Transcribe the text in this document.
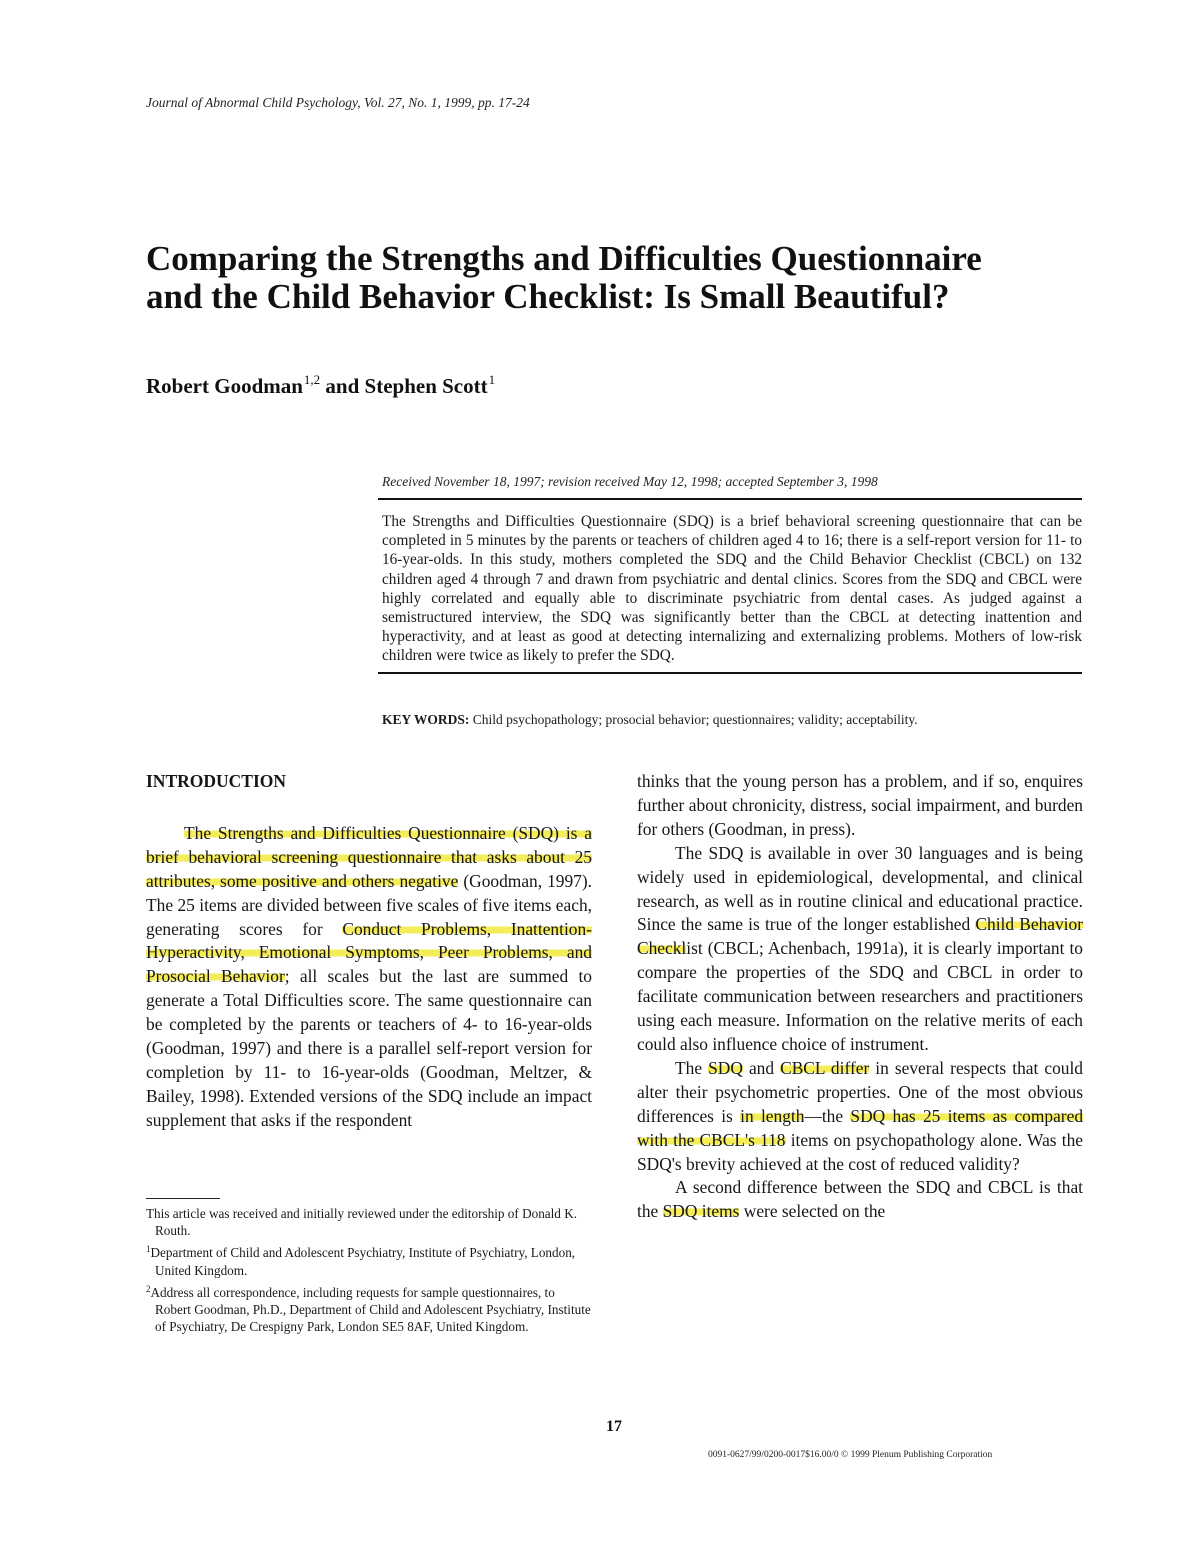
Journal of Abnormal Child Psychology, Vol. 27, No. 1, 1999, pp. 17-24
Comparing the Strengths and Difficulties Questionnaire
and the Child Behavior Checklist: Is Small Beautiful?
Robert Goodman$^{1,2}$ and Stephen Scott$^1$
Received November 18, 1997; revision received May 12, 1998; accepted September 3, 1998

The Strengths and Difficulties Questionnaire (SDQ) is a brief behavioral screening questionnaire that can be completed in 5 minutes by the parents or teachers of children aged 4 to 16; there is a self-report version for 11- to 16-year-olds. In this study, mothers completed the SDQ and the Child Behavior Checklist (CBCL) on 132 children aged 4 through 7 and drawn from psychiatric and dental clinics. Scores from the SDQ and CBCL were highly correlated and equally able to discriminate psychiatric from dental cases. As judged against a semistructured interview, the SDQ was significantly better than the CBCL at detecting inattention and hyperactivity, and at least as good at detecting internalizing and externalizing problems. Mothers of low-risk children were twice as likely to prefer the SDQ.

KEY WORDS: Child psychopathology; prosocial behavior; questionnaires; validity; acceptability.

INTRODUCTION

The Strengths and Difficulties Questionnaire (SDQ) is a brief behavioral screening questionnaire that asks about 25 attributes, some positive and others negative (Goodman, 1997). The 25 items are divided between five scales of five items each, generating scores for Conduct Problems, Inattention-Hyperactivity, Emotional Symptoms, Peer Problems, and Prosocial Behavior; all scales but the last are summed to generate a Total Difficulties score. The same questionnaire can be completed by the parents or teachers of 4- to 16-year-olds (Goodman, 1997) and there is a parallel self-report version for completion by 11- to 16-year-olds (Goodman, Meltzer, & Bailey, 1998). Extended versions of the SDQ include an impact supplement that asks if the respondent

thinks that the young person has a problem, and if so, enquires further about chronicity, distress, social impairment, and burden for others (Goodman, in press).

The SDQ is available in over 30 languages and is being widely used in epidemiological, developmental, and clinical research, as well as in routine clinical and educational practice. Since the same is true of the longer established Child Behavior Checklist (CBCL; Achenbach, 1991a), it is clearly important to compare the properties of the SDQ and CBCL in order to facilitate communication between researchers and practitioners using each measure. Information on the relative merits of each could also influence choice of instrument.

The SDQ and CBCL differ in several respects that could alter their psychometric properties. One of the most obvious differences is in length—the SDQ has 25 items as compared with the CBCL's 118 items on psychopathology alone. Was the SDQ's brevity achieved at the cost of reduced validity?

A second difference between the SDQ and CBCL is that the SDQ items were selected on the

This article was received and initially reviewed under the editorship of Donald K. Routh.

$^1$Department of Child and Adolescent Psychiatry, Institute of Psychiatry, London, United Kingdom.

$^2$Address all correspondence, including requests for sample questionnaires, to Robert Goodman, Ph.D., Department of Child and Adolescent Psychiatry, Institute of Psychiatry, De Crespigny Park, London SE5 8AF, United Kingdom.

17
0091-0627/99/0200-0017$16.00/0 © 1999 Plenum Publishing Corporation
